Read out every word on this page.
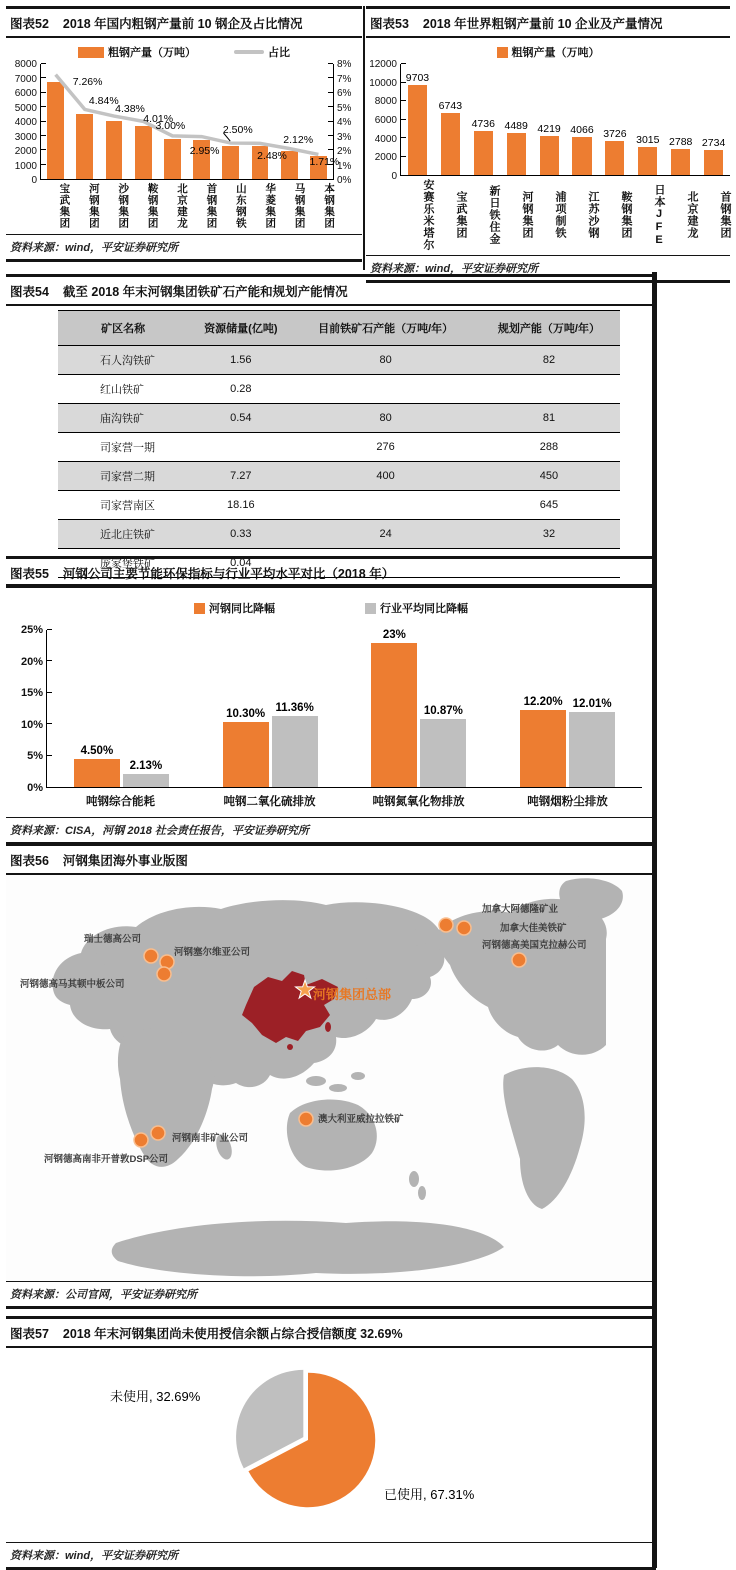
图表52 2018 年国内粗钢产量前 10 钢企及占比情况
粗钢产量（万吨）	占比
0
1000
2000
3000
4000
5000
6000
7000
8000
7.26%
4.84%
4.38%
4.01%
3.00%
2.95%
2.50%
2.48%
2.12%
1.71%
0%
1%
2%
3%
4%
5%
6%
7%
8%
宝武集团	河钢集团	沙钢集团	鞍钢集团	北京建龙	首钢集团	山东钢铁	华菱集团	马钢集团	本钢集团
资料来源：wind，平安证券研究所
图表53 2018 年世界粗钢产量前 10 企业及产量情况
粗钢产量（万吨）
0
2000
4000
6000
8000
10000
12000
9703
6743
4736 4489 4219 4066 3726
3015 2788 2734
安赛乐米塔尔	宝武集团	新日铁住金	河钢集团	浦项制铁	江苏沙钢	鞍钢集团	日本JFE	北京建龙	首钢集团
资料来源：wind，平安证券研究所
图表54 截至 2018 年末河钢集团铁矿石产能和规划产能情况
矿区名称	资源储量(亿吨)	目前铁矿石产能（万吨/年）	规划产能（万吨/年）
石人沟铁矿	1.56	80	82
红山铁矿	0.28		
庙沟铁矿	0.54	80	81
司家营一期		276	288
司家营二期	7.27	400	450
司家营南区	18.16		645
近北庄铁矿	0.33	24	32
庞家堡铁矿	0.04		
图表55 河钢公司主要节能环保指标与行业平均水平对比（2018 年）
河钢同比降幅	行业平均同比降幅
0%
5%
10%
15%
20%
25%
4.50%
2.13%
10.30%
11.36%
23%
10.87%
12.20% 12.01%
吨钢综合能耗	吨钢二氧化硫排放	吨钢氮氧化物排放	吨钢烟粉尘排放
资料来源：CISA，河钢 2018 社会责任报告，平安证券研究所
图表56 河钢集团海外事业版图
瑞士德高公司
河钢塞尔维亚公司
河钢德高马其顿中板公司
加拿大阿德隆矿业
加拿大佳美铁矿
河钢德高美国克拉赫公司
澳大利亚威拉拉铁矿
河钢南非矿业公司
河钢德高南非开普敦DSP公司
河钢集团总部
资料来源：公司官网，平安证券研究所
图表57 2018 年末河钢集团尚未使用授信余额占综合授信额度 32.69%
未使用, 32.69%
已使用, 67.31%
资料来源：wind，平安证券研究所
